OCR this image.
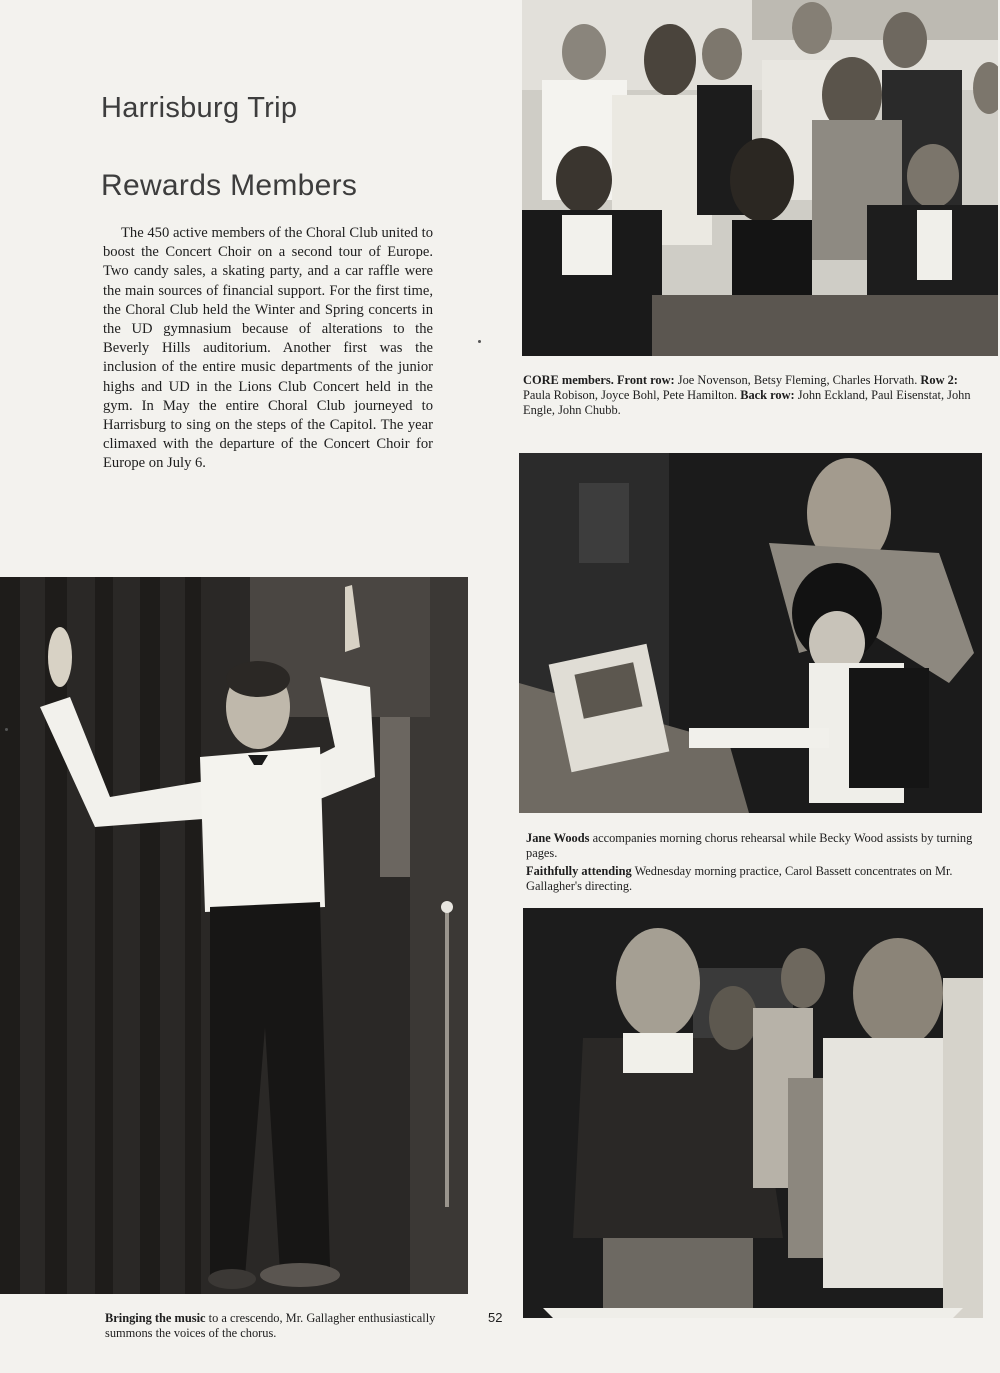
Harrisburg Trip
Rewards Members

The 450 active members of the Choral Club united to boost the Concert Choir on a second tour of Europe. Two candy sales, a skating party, and a car raffle were the main sources of financial support. For the first time, the Choral Club held the Winter and Spring concerts in the UD gymnasium because of alterations to the Beverly Hills auditorium. Another first was the inclusion of the entire music departments of the junior highs and UD in the Lions Club Concert held in the gym. In May the entire Choral Club journeyed to Harrisburg to sing on the steps of the Capitol. The year climaxed with the departure of the Concert Choir for Europe on July 6.

CORE members. Front row: Joe Novenson, Betsy Fleming, Charles Horvath. Row 2: Paula Robison, Joyce Bohl, Pete Hamilton. Back row: John Eckland, Paul Eisenstat, John Engle, John Chubb.

Jane Woods accompanies morning chorus rehearsal while Becky Wood assists by turning pages.

Faithfully attending Wednesday morning practice, Carol Bassett concentrates on Mr. Gallagher's directing.

Bringing the music to a crescendo, Mr. Gallagher enthusiastically summons the voices of the chorus.

52
